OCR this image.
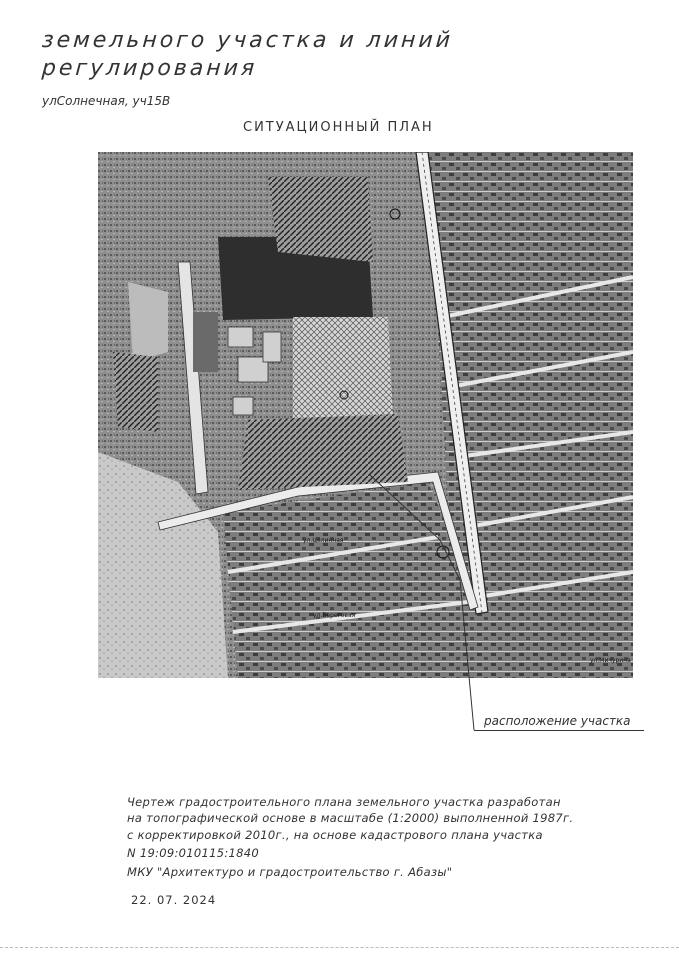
земельного участка и линий
регулирования
улСолнечная, уч15В
СИТУАЦИОННЫЙ ПЛАН
ул.Целинная
ул.Береговая
ул.Мичурина
расположение участка
Чертеж градостроительного плана земельного участка разработан
на топографической основе в масштабе (1:2000) выполненной 1987г.
с корректировкой 2010г., на основе кадастрового плана участка
N 19:09:010115:1840
МКУ "Архитектуро и градостроительство г. Абазы"
22. 07. 2024
